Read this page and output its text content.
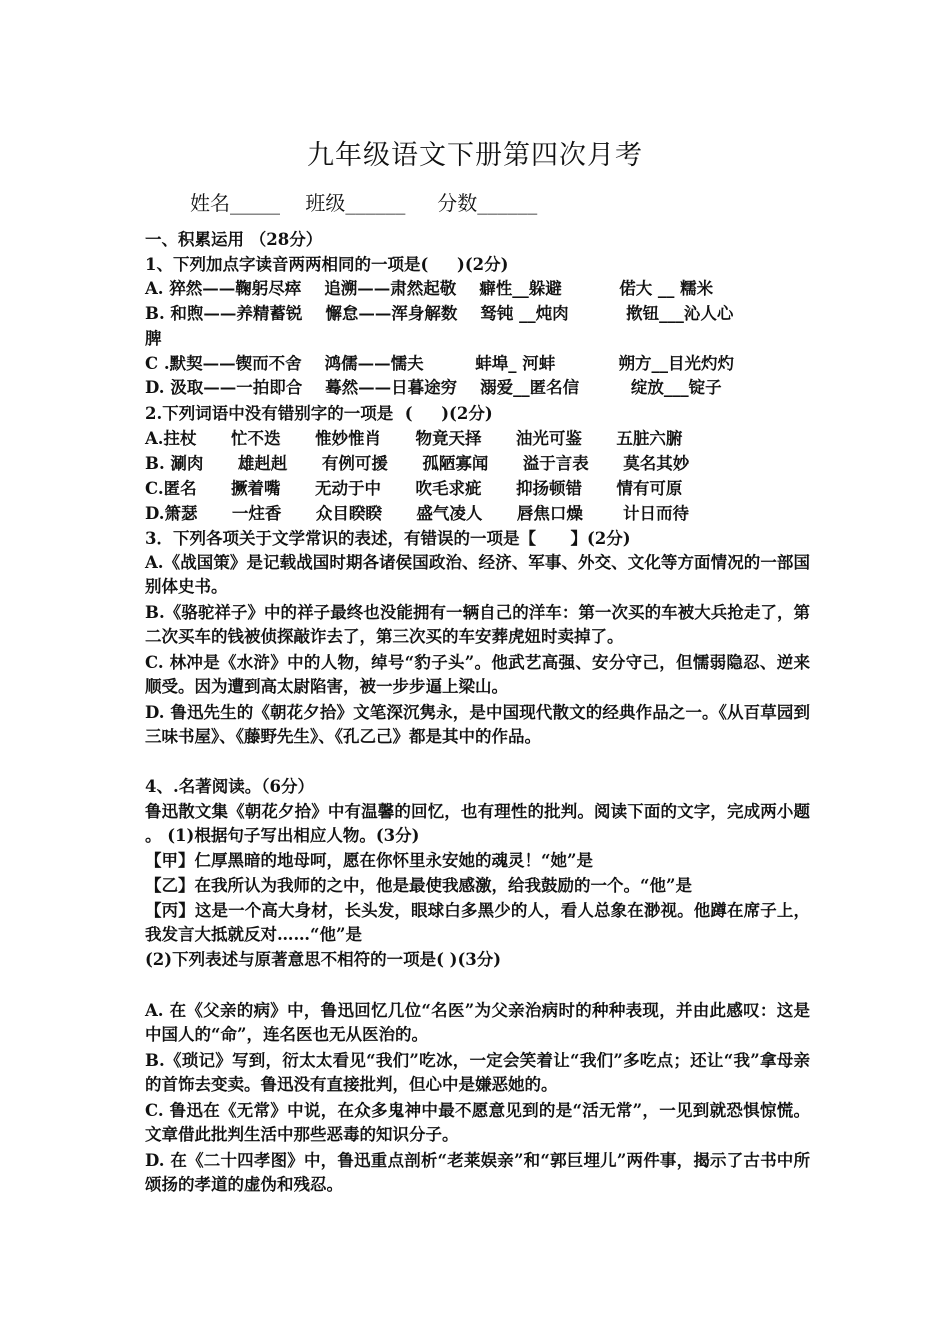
九年级语文下册第四次月考
姓名_____    班级______     分数______
一、积累运用 （28分）
1、下列加点字读音两两相同的一项是(     )(2分)
A. 猝然——鞠躬尽瘁    追溯——肃然起敬    癖性__躲避          偌大 __ 糯米
B. 和煦——养精蓄锐    懈怠——浑身解数    驽钝 __炖肉          揿钮___沁人心
脾
C .默契——锲而不舍    鸿儒——懦夫         蚌埠_ 河蚌           朔方__目光灼灼
D. 汲取——一拍即合    蓦然——日暮途穷    溺爱__匿名信         绽放___锭子
2.下列词语中没有错别字的一项是  (     )(2分)
A.拄杖      忙不迭      惟妙惟肖      物竟天择      油光可鉴      五脏六腑
B. 涮肉      雄赳赳      有例可援      孤陋寡闻      溢于言表      莫名其妙
C.匿名      撅着嘴      无动于中      吹毛求疵      抑扬顿错      情有可原
D.箫瑟      一炷香      众目睽睽      盛气凌人      唇焦口燥       计日而待
3．下列各项关于文学常识的表述，有错误的一项是【      】(2分)
A.《战国策》是记载战国时期各诸侯国政治、经济、军事、外交、文化等方面情况的一部国别体史书。
B.《骆驼祥子》中的祥子最终也没能拥有一辆自己的洋车：第一次买的车被大兵抢走了，第二次买车的钱被侦探敲诈去了，第三次买的车安葬虎妞时卖掉了。
C. 林冲是《水浒》中的人物，绰号“豹子头”。他武艺高强、安分守己，但懦弱隐忍、逆来顺受。因为遭到高太尉陷害，被一步步逼上梁山。
D. 鲁迅先生的《朝花夕拾》文笔深沉隽永，是中国现代散文的经典作品之一。《从百草园到三味书屋》、《藤野先生》、《孔乙己》都是其中的作品。
4、.名著阅读。（6分）
鲁迅散文集《朝花夕拾》中有温馨的回忆，也有理性的批判。阅读下面的文字，完成两小题 。 (1)根据句子写出相应人物。(3分)
【甲】仁厚黑暗的地母呵，愿在你怀里永安她的魂灵！“她”是
【乙】在我所认为我师的之中，他是最使我感激，给我鼓励的一个。“他”是
【丙】这是一个高大身材，长头发，眼球白多黑少的人，看人总象在渺视。他蹲在席子上，我发言大抵就反对……“他”是
(2)下列表述与原著意思不相符的一项是( )(3分)
A. 在《父亲的病》中，鲁迅回忆几位“名医”为父亲治病时的种种表现，并由此感叹：这是中国人的“命”，连名医也无从医治的。
B.《琐记》写到，衍太太看见“我们”吃冰，一定会笑着让“我们”多吃点；还让“我”拿母亲的首饰去变卖。鲁迅没有直接批判，但心中是嫌恶她的。
C. 鲁迅在《无常》中说，在众多鬼神中最不愿意见到的是“活无常”，一见到就恐惧惊慌。文章借此批判生活中那些恶毒的知识分子。
D. 在《二十四孝图》中，鲁迅重点剖析“老莱娱亲”和“郭巨埋儿”两件事，揭示了古书中所颂扬的孝道的虚伪和残忍。
